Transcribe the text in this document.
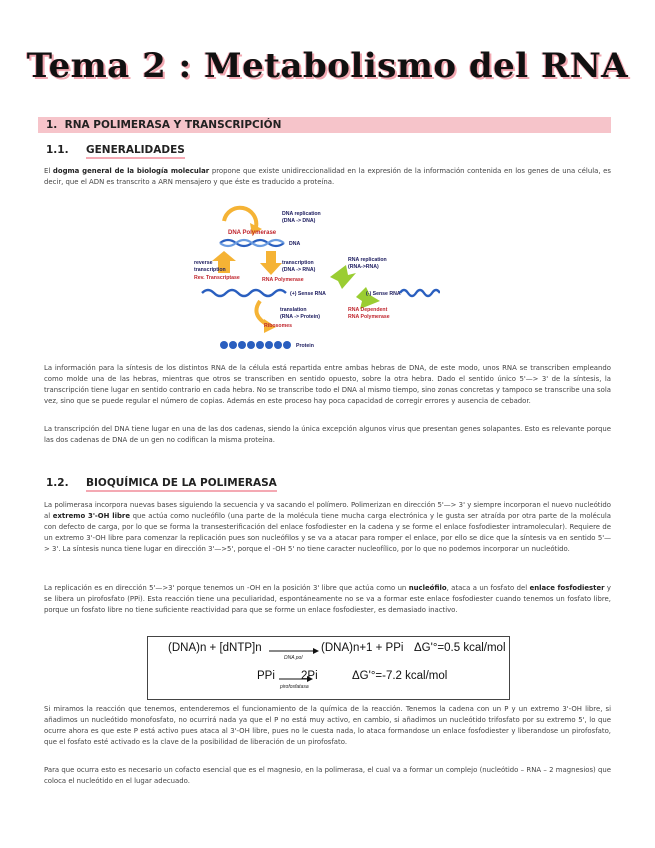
Tema 2 : Metabolismo del RNA
1. RNA POLIMERASA Y TRANSCRIPCIÓN
1.1. GENERALIDADES
El dogma general de la biología molecular propone que existe unidireccionalidad en la expresión de la información contenida en los genes de una célula, es decir, que el ADN es transcrito a ARN mensajero y que éste es traducido a proteína.
DNA replication
(DNA -> DNA)
DNA Polymerase
DNA
reverse
transcription
Rev. Transcriptase
transcription
(DNA -> RNA)
RNA Polymerase
RNA replication
(RNA->RNA)
(+) Sense RNA	(-) Sense RNA
RNA Dependent
RNA Polymerase
translation
(RNA -> Protein)
Ribosomes
Protein
La información para la síntesis de los distintos RNA de la célula está repartida entre ambas hebras de DNA, de este modo, unos RNA se transcriben empleando como molde una de las hebras, mientras que otros se transcriben en sentido opuesto, sobre la otra hebra. Dado el sentido único 5'—> 3' de la síntesis, la transcripción tiene lugar en sentido contrario en cada hebra. No se transcribe todo el DNA al mismo tiempo, sino zonas concretas y tampoco se transcribe una sola vez, sino que se puede regular el número de copias. Además en este proceso hay poca capacidad de corregir errores y ausencia de cebador.
La transcripción del DNA tiene lugar en una de las dos cadenas, siendo la única excepción algunos virus que presentan genes solapantes. Esto es relevante porque las dos cadenas de DNA de un gen no codifican la misma proteína.
1.2. BIOQUÍMICA DE LA POLIMERASA
La polimerasa incorpora nuevas bases siguiendo la secuencia y va sacando el polímero. Polimerizan en dirección 5'—> 3' y siempre incorporan el nuevo nucleótido al extremo 3'-OH libre que actúa como nucleófilo (una parte de la molécula tiene mucha carga electrónica y le gusta ser atraída por otra parte de la molécula con defecto de carga, por lo que se forma la transesterificación del enlace fosfodiester en la cadena y se forme el enlace fosfodiester intramolecular). Requiere de un extremo 3'-OH libre para comenzar la replicación pues son nucleófilos y se va a atacar para romper el enlace, por ello se dice que la síntesis va en sentido 5'—> 3'. La síntesis nunca tiene lugar en dirección 3'—>5', porque el -OH 5' no tiene caracter nucleofílico, por lo que no podemos incorporar un nucleótido.
La replicación es en dirección 5'—>3' porque tenemos un -OH en la posición 3' libre que actúa como un nucleófilo, ataca a un fosfato del enlace fosfodiester y se libera un pirofosfato (PPi). Esta reacción tiene una peculiaridad, espontáneamente no se va a formar este enlace fosfodiester cuando tenemos un fosfato libre, porque un fosfato libre no tiene suficiente reactividad para que se forme un enlace fosfodiester, es demasiado inactivo.
(DNA)n + [dNTP]n
DNA pol
(DNA)n+1 + PPi ΔG'°=0.5 kcal/mol
PPi
pirofosfatasa
2Pi	ΔG'°=-7.2 kcal/mol
Si miramos la reacción que tenemos, entenderemos el funcionamiento de la química de la reacción. Tenemos la cadena con un P y un extremo 3'-OH libre, si añadimos un nucleótido monofosfato, no ocurrirá nada ya que el P no está muy activo, en cambio, si añadimos un nucleótido trifosfato por su extremo 5', lo que ocurre ahora es que este P está activo pues ataca al 3'-OH libre, pues no le cuesta nada, lo ataca formandose un enlace fosfodiester y liberandose un pirofosfato, que el fosfato esté activado es la clave de la posibilidad de liberación de un pirofosfato.
Para que ocurra esto es necesario un cofacto esencial que es el magnesio, en la polimerasa, el cual va a formar un complejo (nucleótido – RNA – 2 magnesios) que coloca el nucleótido en el lugar adecuado.
